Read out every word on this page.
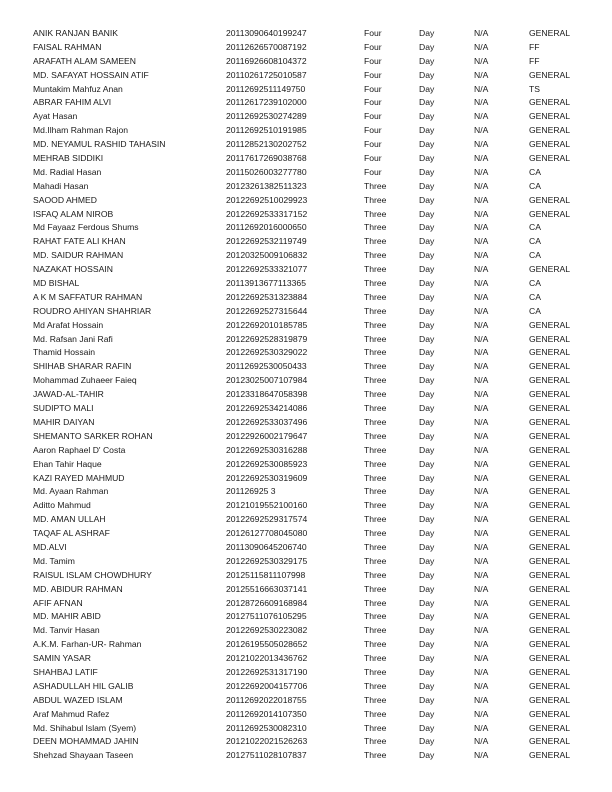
ANIK RANJAN BANIK	20113090640199247	Four	Day	N/A	GENERAL
FAISAL RAHMAN	20112626570087192	Four	Day	N/A	FF
ARAFATH ALAM SAMEEN	20116926608104372	Four	Day	N/A	FF
MD. SAFAYAT HOSSAIN ATIF	20110261725010587	Four	Day	N/A	GENERAL
Muntakim Mahfuz Anan	20112692511149750	Four	Day	N/A	TS
ABRAR FAHIM ALVI	20112617239102000	Four	Day	N/A	GENERAL
Ayat Hasan	20112692530274289	Four	Day	N/A	GENERAL
Md.Ilham Rahman Rajon	20112692510191985	Four	Day	N/A	GENERAL
MD. NEYAMUL RASHID TAHASIN	20112852130202752	Four	Day	N/A	GENERAL
MEHRAB SIDDIKI	20117617269038768	Four	Day	N/A	GENERAL
Md. Radial Hasan	20115026003277780	Four	Day	N/A	CA
Mahadi Hasan	20123261382511323	Three	Day	N/A	CA
SAOOD AHMED	20122692510029923	Three	Day	N/A	GENERAL
ISFAQ ALAM NIROB	20122692533317152	Three	Day	N/A	GENERAL
Md Fayaaz Ferdous Shums	20112692016000650	Three	Day	N/A	CA
RAHAT FATE ALI KHAN	20122692532119749	Three	Day	N/A	CA
MD. SAIDUR RAHMAN	20120325009106832	Three	Day	N/A	CA
NAZAKAT HOSSAIN	20122692533321077	Three	Day	N/A	GENERAL
MD BISHAL	20113913677113365	Three	Day	N/A	CA
A K M SAFFATUR RAHMAN	20122692531323884	Three	Day	N/A	CA
ROUDRO AHIYAN SHAHRIAR	20122692527315644	Three	Day	N/A	CA
Md Arafat Hossain	20122692010185785	Three	Day	N/A	GENERAL
Md. Rafsan Jani Rafi	20122692528319879	Three	Day	N/A	GENERAL
Thamid Hossain	20122692530329022	Three	Day	N/A	GENERAL
SHIHAB SHARAR RAFIN	20112692530050433	Three	Day	N/A	GENERAL
Mohammad Zuhaeer Faieq	20123025007107984	Three	Day	N/A	GENERAL
JAWAD-AL-TAHIR	20123318647058398	Three	Day	N/A	GENERAL
SUDIPTO MALI	20122692534214086	Three	Day	N/A	GENERAL
MAHIR DAIYAN	20122692533037496	Three	Day	N/A	GENERAL
SHEMANTO SARKER ROHAN	20122926002179647	Three	Day	N/A	GENERAL
Aaron Raphael D' Costa	20122692530316288	Three	Day	N/A	GENERAL
Ehan Tahir Haque	20122692530085923	Three	Day	N/A	GENERAL
KAZI RAYED MAHMUD	20122692530319609	Three	Day	N/A	GENERAL
Md. Ayaan Rahman	201126925 3	Three	Day	N/A	GENERAL
Aditto Mahmud	20121019552100160	Three	Day	N/A	GENERAL
MD. AMAN ULLAH	20122692529317574	Three	Day	N/A	GENERAL
TAQAF AL ASHRAF	20126127708045080	Three	Day	N/A	GENERAL
MD.ALVI	20113090645206740	Three	Day	N/A	GENERAL
Md. Tamim	20122692530329175	Three	Day	N/A	GENERAL
RAISUL ISLAM CHOWDHURY	20125115811107998	Three	Day	N/A	GENERAL
MD. ABIDUR RAHMAN	20125516663037141	Three	Day	N/A	GENERAL
AFIF AFNAN	20128726609168984	Three	Day	N/A	GENERAL
MD. MAHIR ABID	20127511076105295	Three	Day	N/A	GENERAL
Md. Tanvir Hasan	20122692530223082	Three	Day	N/A	GENERAL
A.K.M. Farhan-UR- Rahman	20126195505028652	Three	Day	N/A	GENERAL
SAMIN YASAR	20121022013436762	Three	Day	N/A	GENERAL
SHAHBAJ LATIF	20122692531317190	Three	Day	N/A	GENERAL
ASHADULLAH HIL GALIB	20122692004157706	Three	Day	N/A	GENERAL
ABDUL WAZED ISLAM	20112692022018755	Three	Day	N/A	GENERAL
Araf Mahmud Rafez	20112692014107350	Three	Day	N/A	GENERAL
Md. Shihabul Islam (Syem)	20112692530082310	Three	Day	N/A	GENERAL
DEEN MOHAMMAD JAHIN	20121022021526263	Three	Day	N/A	GENERAL
Shehzad Shayaan Taseen	20127511028107837	Three	Day	N/A	GENERAL
